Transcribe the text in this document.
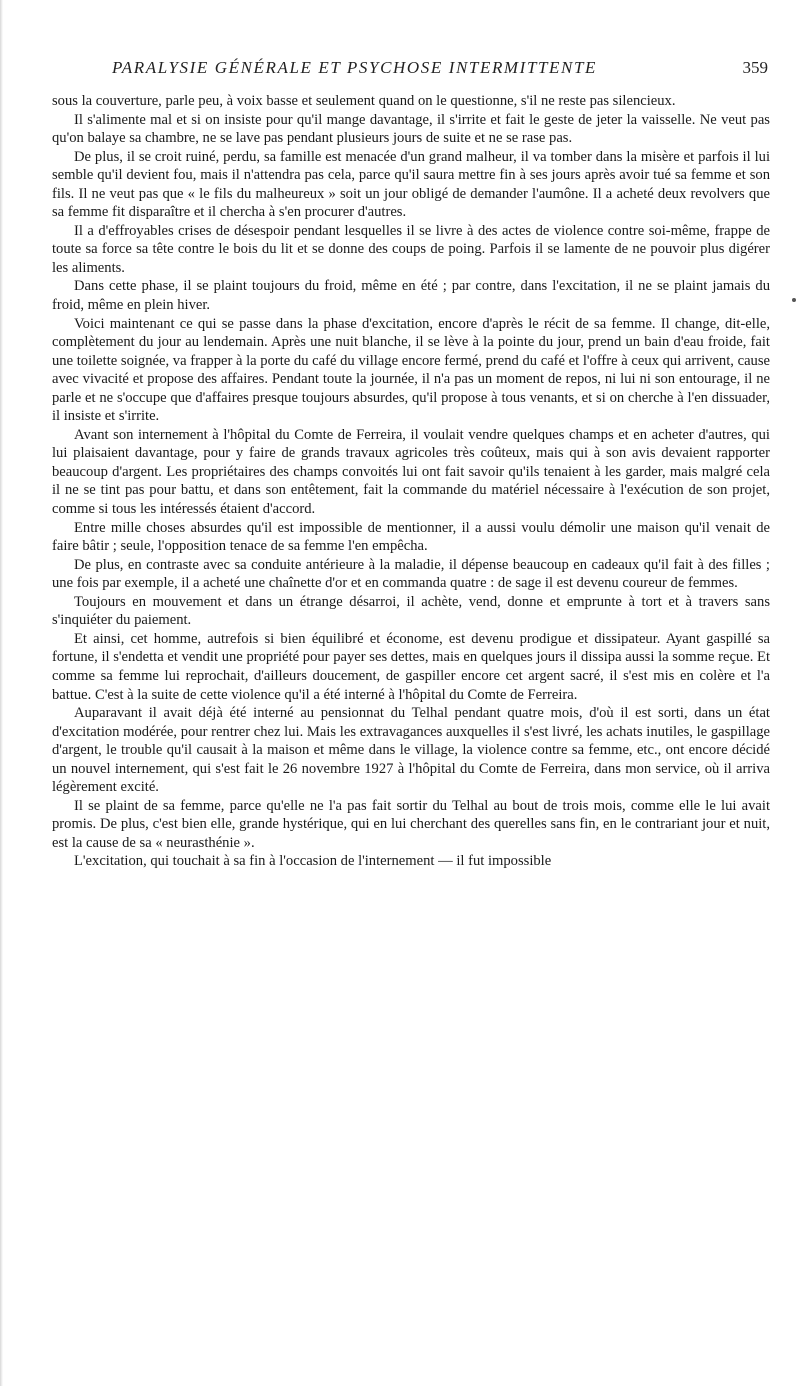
PARALYSIE GÉNÉRALE ET PSYCHOSE INTERMITTENTE	359

sous la couverture, parle peu, à voix basse et seulement quand on le questionne, s'il ne reste pas silencieux.

Il s'alimente mal et si on insiste pour qu'il mange davantage, il s'irrite et fait le geste de jeter la vaisselle. Ne veut pas qu'on balaye sa chambre, ne se lave pas pendant plusieurs jours de suite et ne se rase pas.

De plus, il se croit ruiné, perdu, sa famille est menacée d'un grand malheur, il va tomber dans la misère et parfois il lui semble qu'il devient fou, mais il n'attendra pas cela, parce qu'il saura mettre fin à ses jours après avoir tué sa femme et son fils. Il ne veut pas que « le fils du malheureux » soit un jour obligé de demander l'aumône. Il a acheté deux revolvers que sa femme fit disparaître et il chercha à s'en procurer d'autres.

Il a d'effroyables crises de désespoir pendant lesquelles il se livre à des actes de violence contre soi-même, frappe de toute sa force sa tête contre le bois du lit et se donne des coups de poing. Parfois il se lamente de ne pouvoir plus digérer les aliments.

Dans cette phase, il se plaint toujours du froid, même en été ; par contre, dans l'excitation, il ne se plaint jamais du froid, même en plein hiver.

Voici maintenant ce qui se passe dans la phase d'excitation, encore d'après le récit de sa femme. Il change, dit-elle, complètement du jour au lendemain. Après une nuit blanche, il se lève à la pointe du jour, prend un bain d'eau froide, fait une toilette soignée, va frapper à la porte du café du village encore fermé, prend du café et l'offre à ceux qui arrivent, cause avec vivacité et propose des affaires. Pendant toute la journée, il n'a pas un moment de repos, ni lui ni son entourage, il ne parle et ne s'occupe que d'affaires presque toujours absurdes, qu'il propose à tous venants, et si on cherche à l'en dissuader, il insiste et s'irrite.

Avant son internement à l'hôpital du Comte de Ferreira, il voulait vendre quelques champs et en acheter d'autres, qui lui plaisaient davantage, pour y faire de grands travaux agricoles très coûteux, mais qui à son avis devaient rapporter beaucoup d'argent. Les propriétaires des champs convoités lui ont fait savoir qu'ils tenaient à les garder, mais malgré cela il ne se tint pas pour battu, et dans son entêtement, fait la commande du matériel nécessaire à l'exécution de son projet, comme si tous les intéressés étaient d'accord.

Entre mille choses absurdes qu'il est impossible de mentionner, il a aussi voulu démolir une maison qu'il venait de faire bâtir ; seule, l'opposition tenace de sa femme l'en empêcha.

De plus, en contraste avec sa conduite antérieure à la maladie, il dépense beaucoup en cadeaux qu'il fait à des filles ; une fois par exemple, il a acheté une chaînette d'or et en commanda quatre : de sage il est devenu coureur de femmes.

Toujours en mouvement et dans un étrange désarroi, il achète, vend, donne et emprunte à tort et à travers sans s'inquiéter du paiement.

Et ainsi, cet homme, autrefois si bien équilibré et économe, est devenu prodigue et dissipateur. Ayant gaspillé sa fortune, il s'endetta et vendit une propriété pour payer ses dettes, mais en quelques jours il dissipa aussi la somme reçue. Et comme sa femme lui reprochait, d'ailleurs doucement, de gaspiller encore cet argent sacré, il s'est mis en colère et l'a battue. C'est à la suite de cette violence qu'il a été interné à l'hôpital du Comte de Ferreira.

Auparavant il avait déjà été interné au pensionnat du Telhal pendant quatre mois, d'où il est sorti, dans un état d'excitation modérée, pour rentrer chez lui. Mais les extravagances auxquelles il s'est livré, les achats inutiles, le gaspillage d'argent, le trouble qu'il causait à la maison et même dans le village, la violence contre sa femme, etc., ont encore décidé un nouvel internement, qui s'est fait le 26 novembre 1927 à l'hôpital du Comte de Ferreira, dans mon service, où il arriva légèrement excité.

Il se plaint de sa femme, parce qu'elle ne l'a pas fait sortir du Telhal au bout de trois mois, comme elle le lui avait promis. De plus, c'est bien elle, grande hystérique, qui en lui cherchant des querelles sans fin, en le contrariant jour et nuit, est la cause de sa « neurasthénie ».

L'excitation, qui touchait à sa fin à l'occasion de l'internement — il fut impossible
